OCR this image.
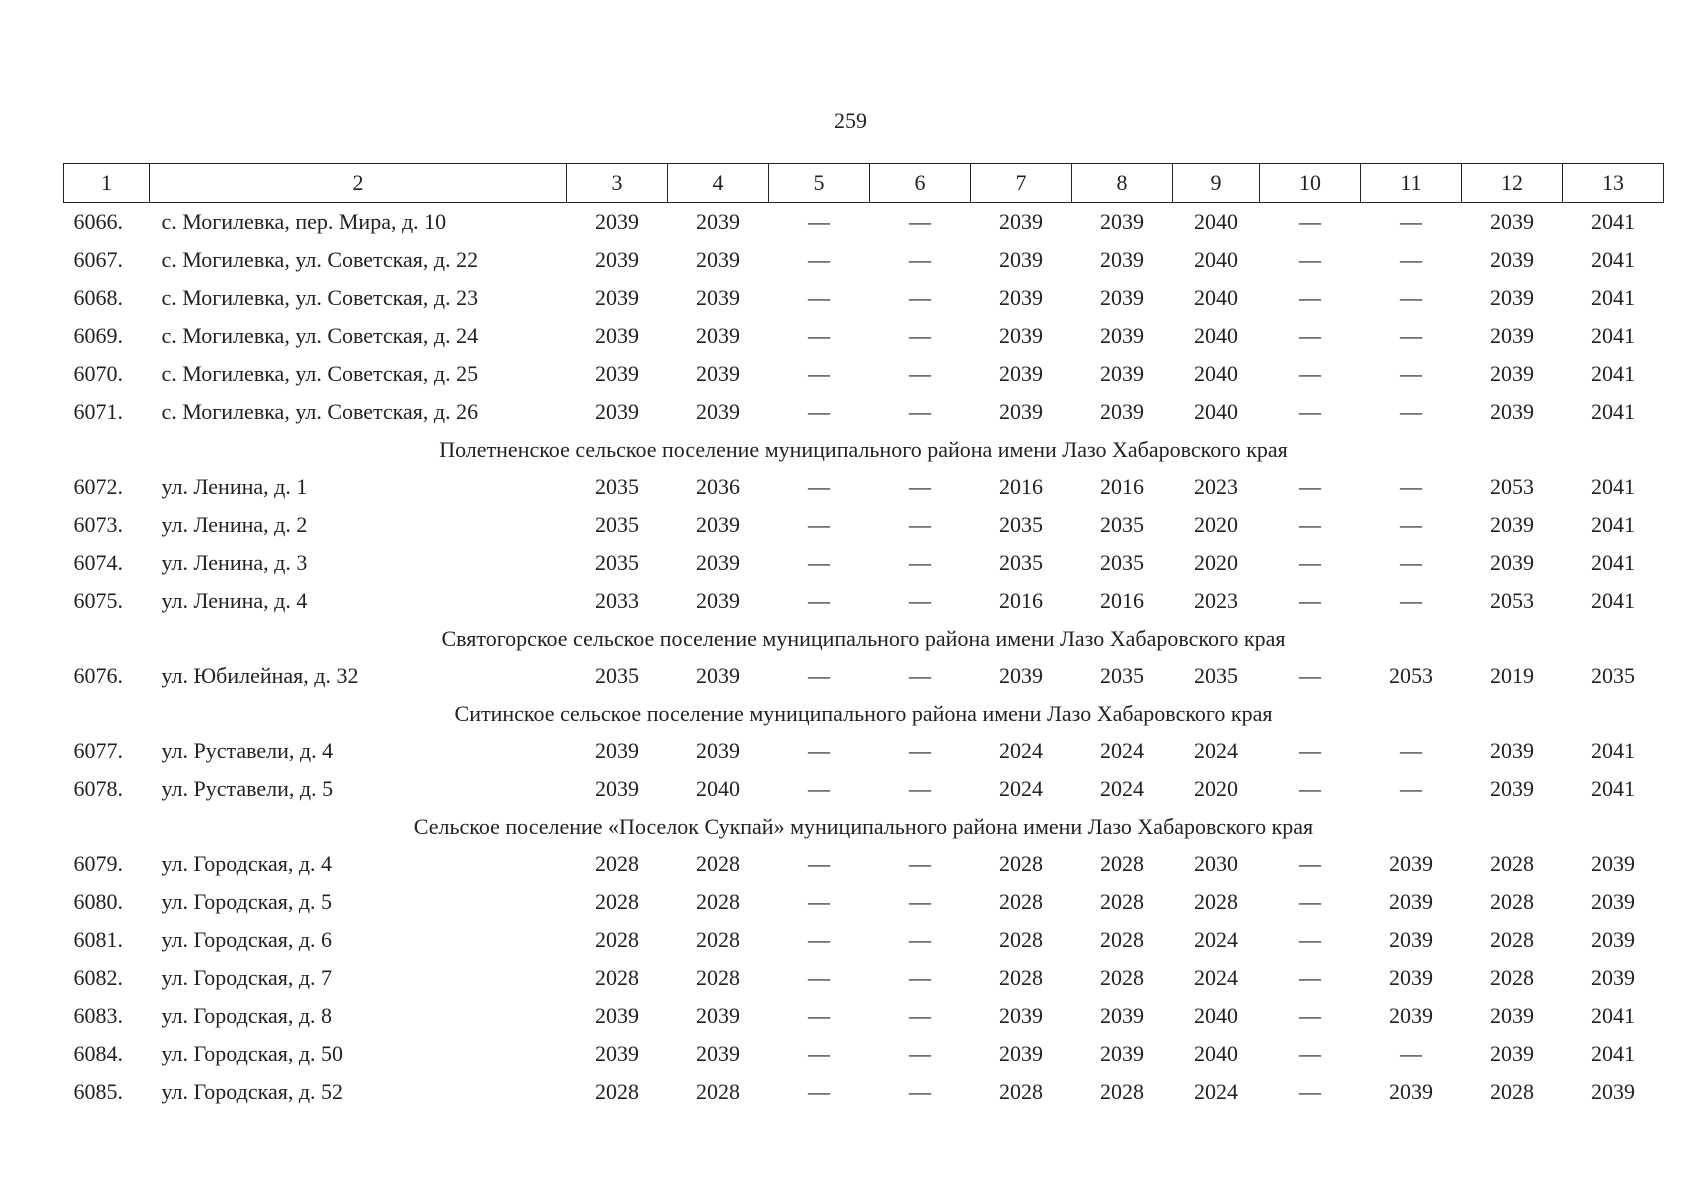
259
1	2	3	4	5	6	7	8	9	10	11	12	13
6066.	с. Могилевка, пер. Мира, д. 10	2039	2039	—	—	2039	2039	2040	—	—	2039	2041
6067.	с. Могилевка, ул. Советская, д. 22	2039	2039	—	—	2039	2039	2040	—	—	2039	2041
6068.	с. Могилевка, ул. Советская, д. 23	2039	2039	—	—	2039	2039	2040	—	—	2039	2041
6069.	с. Могилевка, ул. Советская, д. 24	2039	2039	—	—	2039	2039	2040	—	—	2039	2041
6070.	с. Могилевка, ул. Советская, д. 25	2039	2039	—	—	2039	2039	2040	—	—	2039	2041
6071.	с. Могилевка, ул. Советская, д. 26	2039	2039	—	—	2039	2039	2040	—	—	2039	2041
Полетненское сельское поселение муниципального района имени Лазо Хабаровского края												
6072.	ул. Ленина, д. 1	2035	2036	—	—	2016	2016	2023	—	—	2053	2041
6073.	ул. Ленина, д. 2	2035	2039	—	—	2035	2035	2020	—	—	2039	2041
6074.	ул. Ленина, д. 3	2035	2039	—	—	2035	2035	2020	—	—	2039	2041
6075.	ул. Ленина, д. 4	2033	2039	—	—	2016	2016	2023	—	—	2053	2041
Святогорское сельское поселение муниципального района имени Лазо Хабаровского края												
6076.	ул. Юбилейная, д. 32	2035	2039	—	—	2039	2035	2035	—	2053	2019	2035
Ситинское сельское поселение муниципального района имени Лазо Хабаровского края												
6077.	ул. Руставели, д. 4	2039	2039	—	—	2024	2024	2024	—	—	2039	2041
6078.	ул. Руставели, д. 5	2039	2040	—	—	2024	2024	2020	—	—	2039	2041
Сельское поселение «Поселок Сукпай» муниципального района имени Лазо Хабаровского края												
6079.	ул. Городская, д. 4	2028	2028	—	—	2028	2028	2030	—	2039	2028	2039
6080.	ул. Городская, д. 5	2028	2028	—	—	2028	2028	2028	—	2039	2028	2039
6081.	ул. Городская, д. 6	2028	2028	—	—	2028	2028	2024	—	2039	2028	2039
6082.	ул. Городская, д. 7	2028	2028	—	—	2028	2028	2024	—	2039	2028	2039
6083.	ул. Городская, д. 8	2039	2039	—	—	2039	2039	2040	—	2039	2039	2041
6084.	ул. Городская, д. 50	2039	2039	—	—	2039	2039	2040	—	—	2039	2041
6085.	ул. Городская, д. 52	2028	2028	—	—	2028	2028	2024	—	2039	2028	2039
